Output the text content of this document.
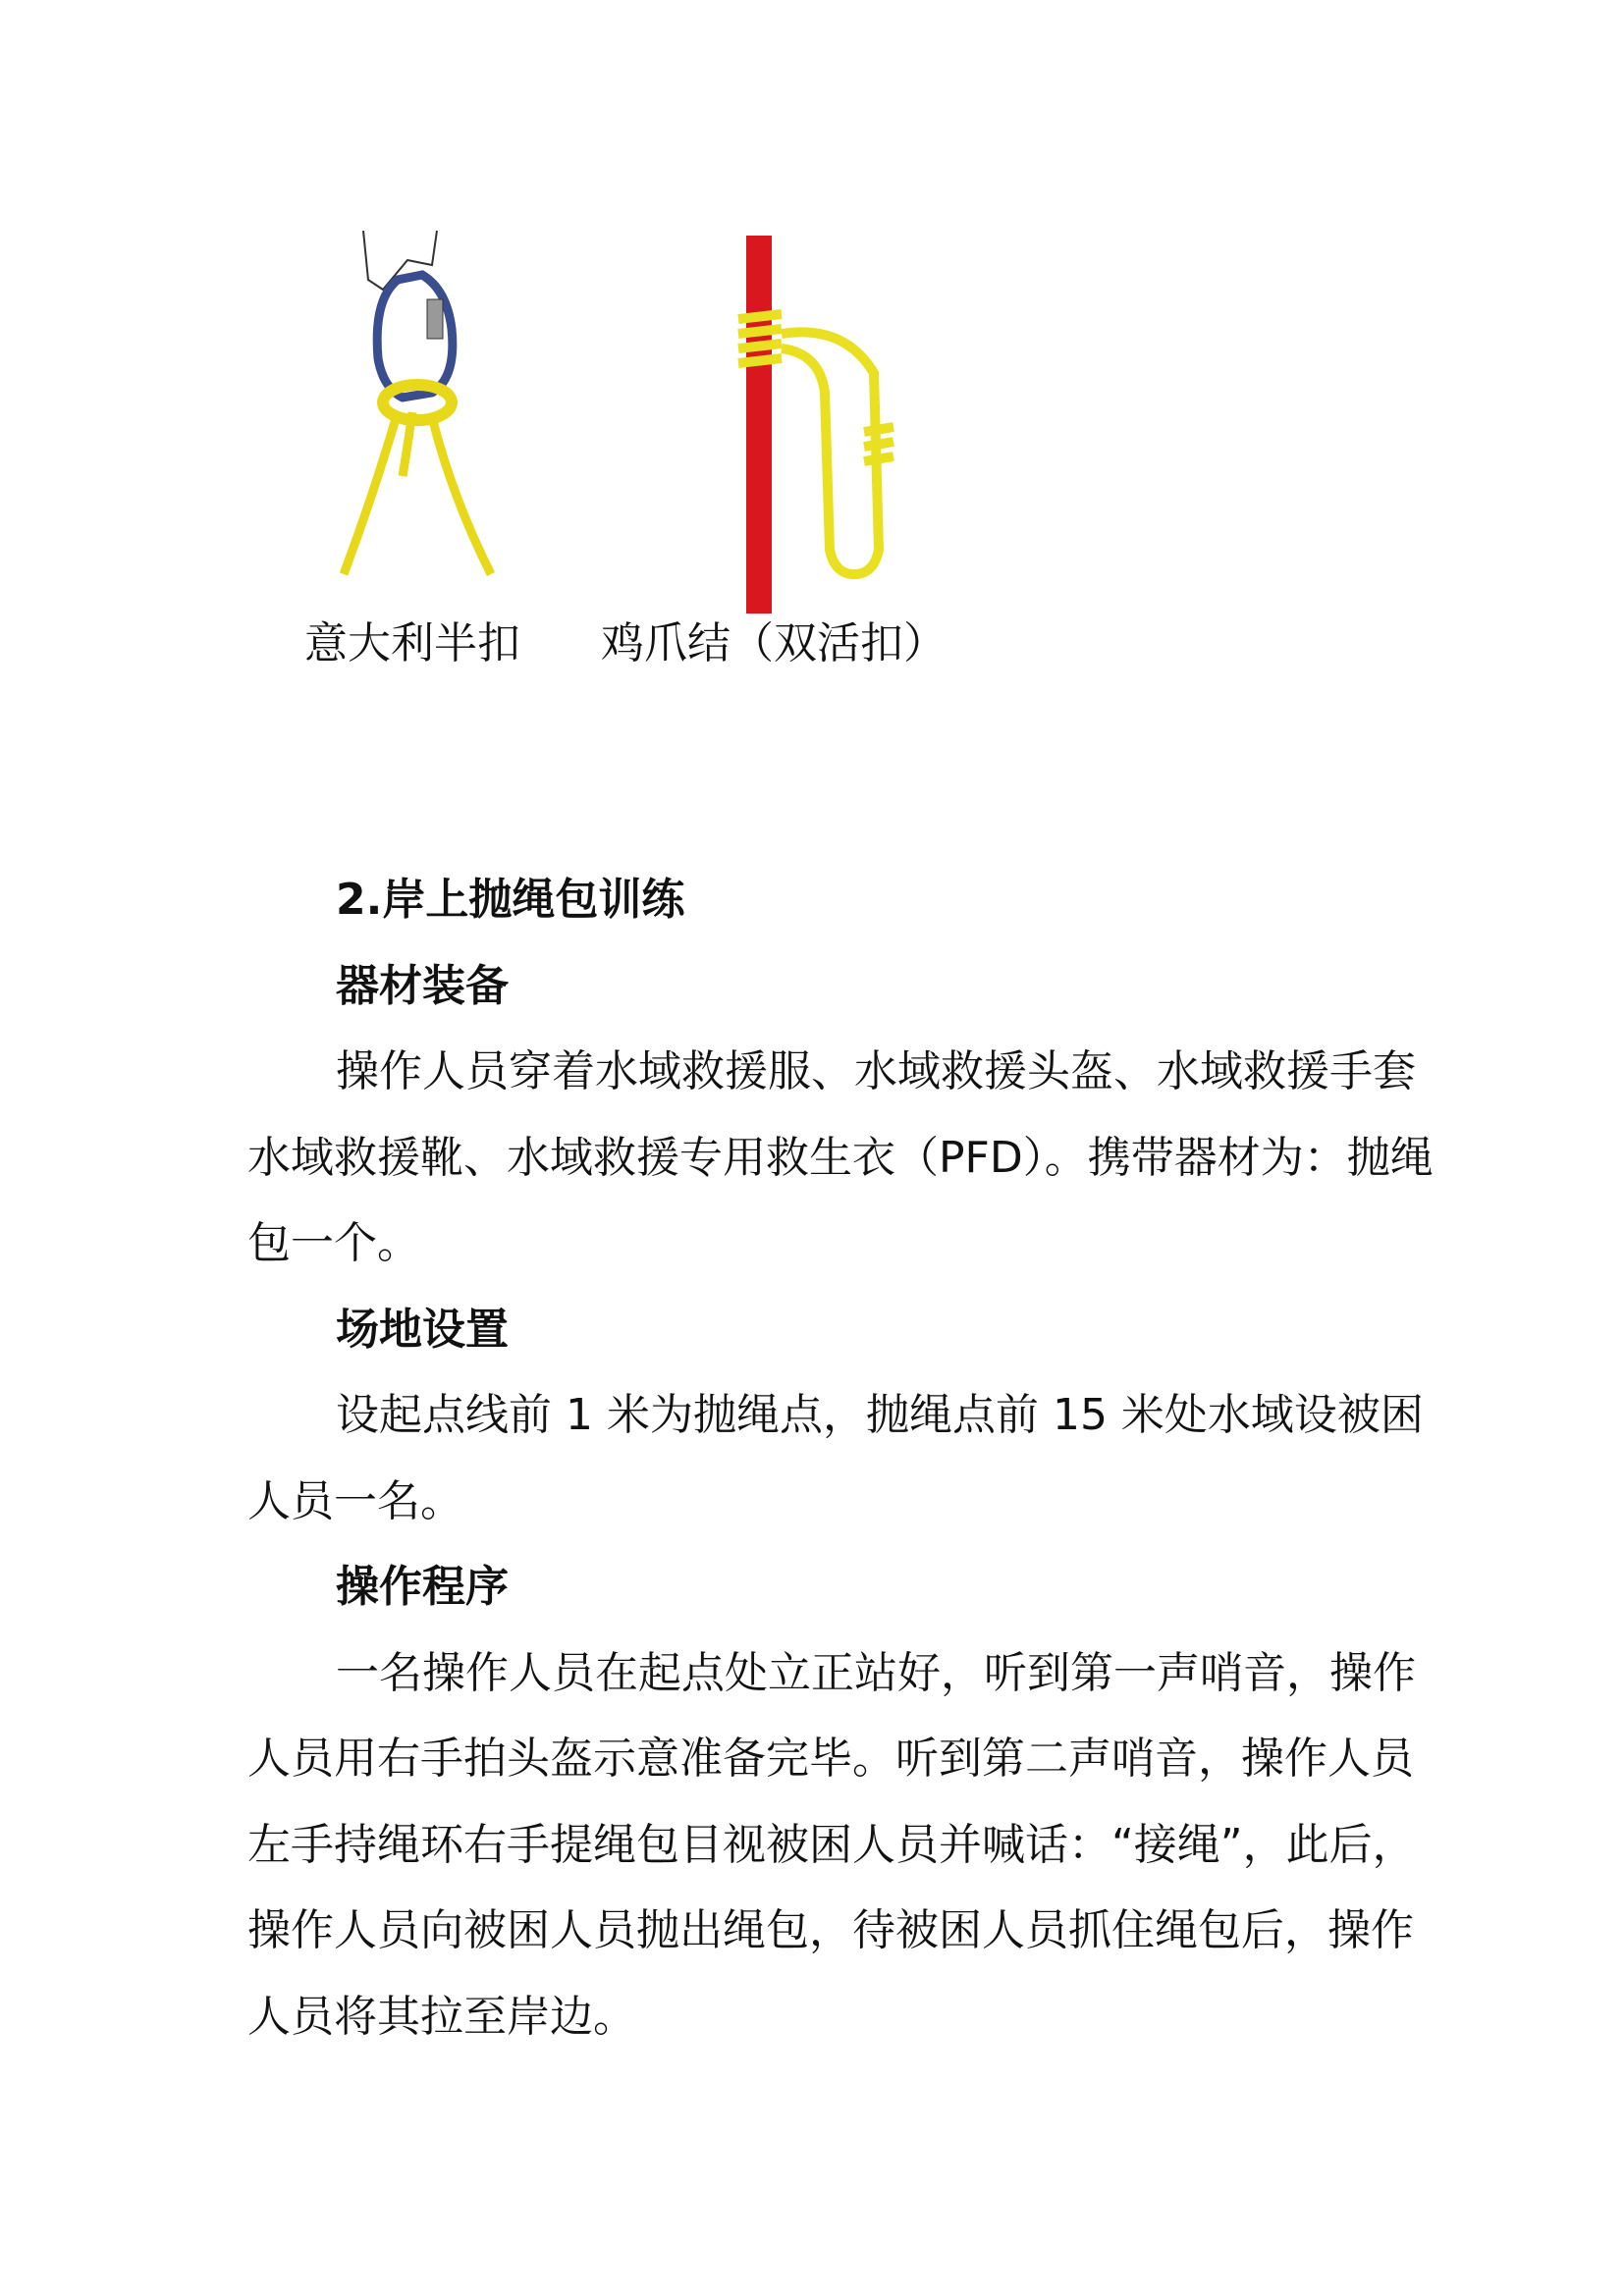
意大利半扣 鸡爪结（双活扣）
2.岸上抛绳包训练
器材装备
操作人员穿着水域救援服、水域救援头盔、水域救援手套
水域救援靴、水域救援专用救生衣（PFD）。携带器材为：抛绳
包一个。
场地设置
设起点线前 1 米为抛绳点，抛绳点前 15 米处水域设被困
人员一名。
操作程序
一名操作人员在起点处立正站好，听到第一声哨音，操作
人员用右手拍头盔示意准备完毕。听到第二声哨音，操作人员
左手持绳环右手提绳包目视被困人员并喊话：“接绳”，此后，
操作人员向被困人员抛出绳包，待被困人员抓住绳包后，操作
人员将其拉至岸边。
